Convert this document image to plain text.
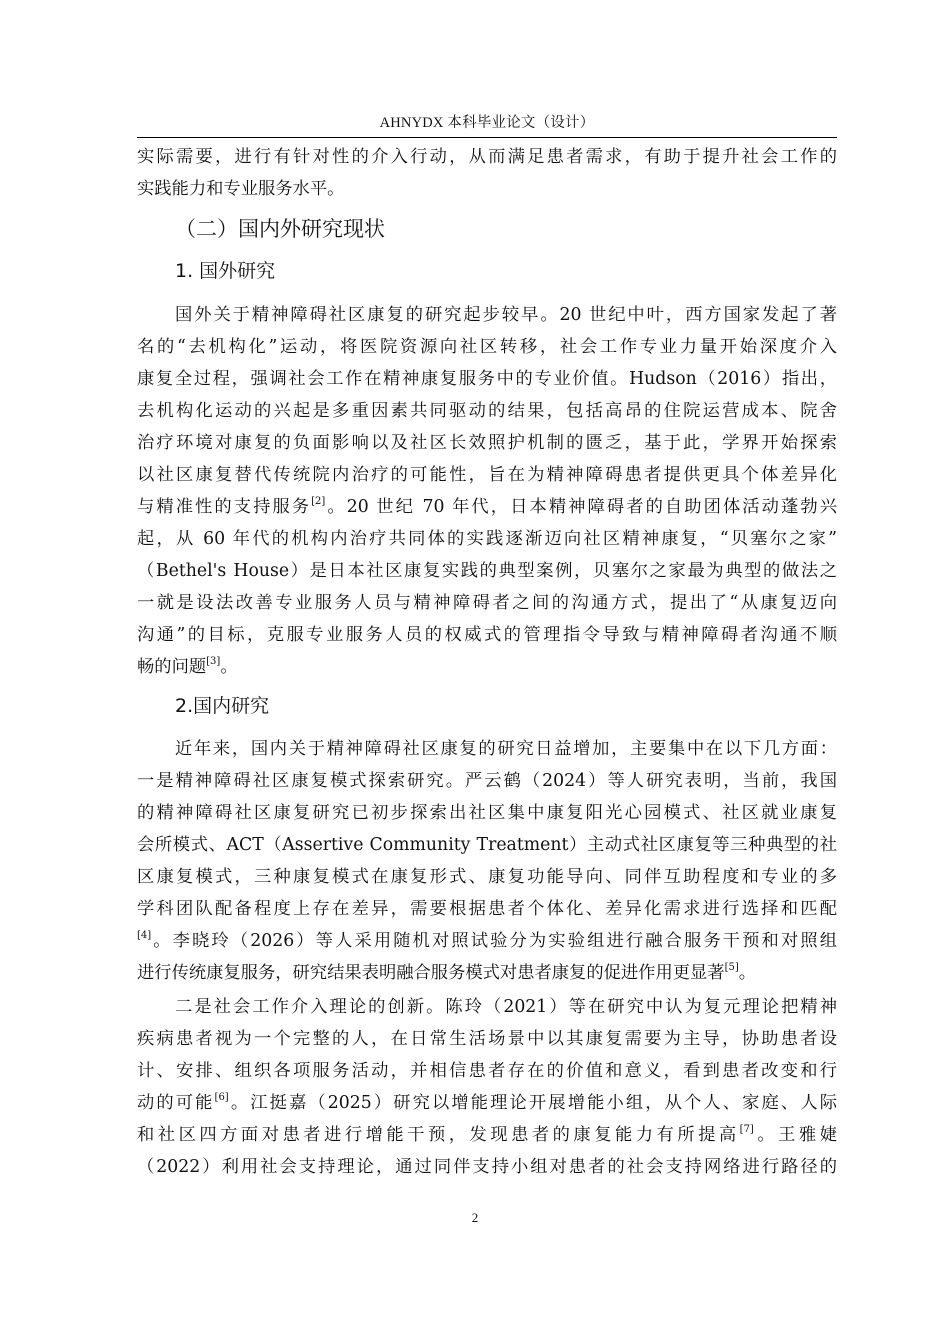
AHNYDX 本科毕业论文（设计）
实际需要，进行有针对性的介入行动，从而满足患者需求，有助于提升社会工作的
实践能力和专业服务水平。
（二）国内外研究现状
1. 国外研究
国外关于精神障碍社区康复的研究起步较早。20 世纪中叶，西方国家发起了著
名的“去机构化”运动，将医院资源向社区转移，社会工作专业力量开始深度介入
康复全过程，强调社会工作在精神康复服务中的专业价值。Hudson（2016）指出，
去机构化运动的兴起是多重因素共同驱动的结果，包括高昂的住院运营成本、院舍
治疗环境对康复的负面影响以及社区长效照护机制的匮乏，基于此，学界开始探索
以社区康复替代传统院内治疗的可能性，旨在为精神障碍患者提供更具个体差异化
与精准性的支持服务[2]。20 世纪 70 年代，日本精神障碍者的自助团体活动蓬勃兴
起，从 60 年代的机构内治疗共同体的实践逐渐迈向社区精神康复，“贝塞尔之家”
（Bethel's House）是日本社区康复实践的典型案例，贝塞尔之家最为典型的做法之
一就是设法改善专业服务人员与精神障碍者之间的沟通方式，提出了“从康复迈向
沟通”的目标，克服专业服务人员的权威式的管理指令导致与精神障碍者沟通不顺
畅的问题[3]。
2.国内研究
近年来，国内关于精神障碍社区康复的研究日益增加，主要集中在以下几方面：
一是精神障碍社区康复模式探索研究。严云鹤（2024）等人研究表明，当前，我国
的精神障碍社区康复研究已初步探索出社区集中康复阳光心园模式、社区就业康复
会所模式、ACT（Assertive Community Treatment）主动式社区康复等三种典型的社
区康复模式，三种康复模式在康复形式、康复功能导向、同伴互助程度和专业的多
学科团队配备程度上存在差异，需要根据患者个体化、差异化需求进行选择和匹配
[4]。李晓玲（2026）等人采用随机对照试验分为实验组进行融合服务干预和对照组
进行传统康复服务，研究结果表明融合服务模式对患者康复的促进作用更显著[5]。
二是社会工作介入理论的创新。陈玲（2021）等在研究中认为复元理论把精神
疾病患者视为一个完整的人，在日常生活场景中以其康复需要为主导，协助患者设
计、安排、组织各项服务活动，并相信患者存在的价值和意义，看到患者改变和行
动的可能[6]。江挺嘉（2025）研究以增能理论开展增能小组，从个人、家庭、人际
和社区四方面对患者进行增能干预，发现患者的康复能力有所提高[7]。王雅婕
（2022）利用社会支持理论，通过同伴支持小组对患者的社会支持网络进行路径的
2
